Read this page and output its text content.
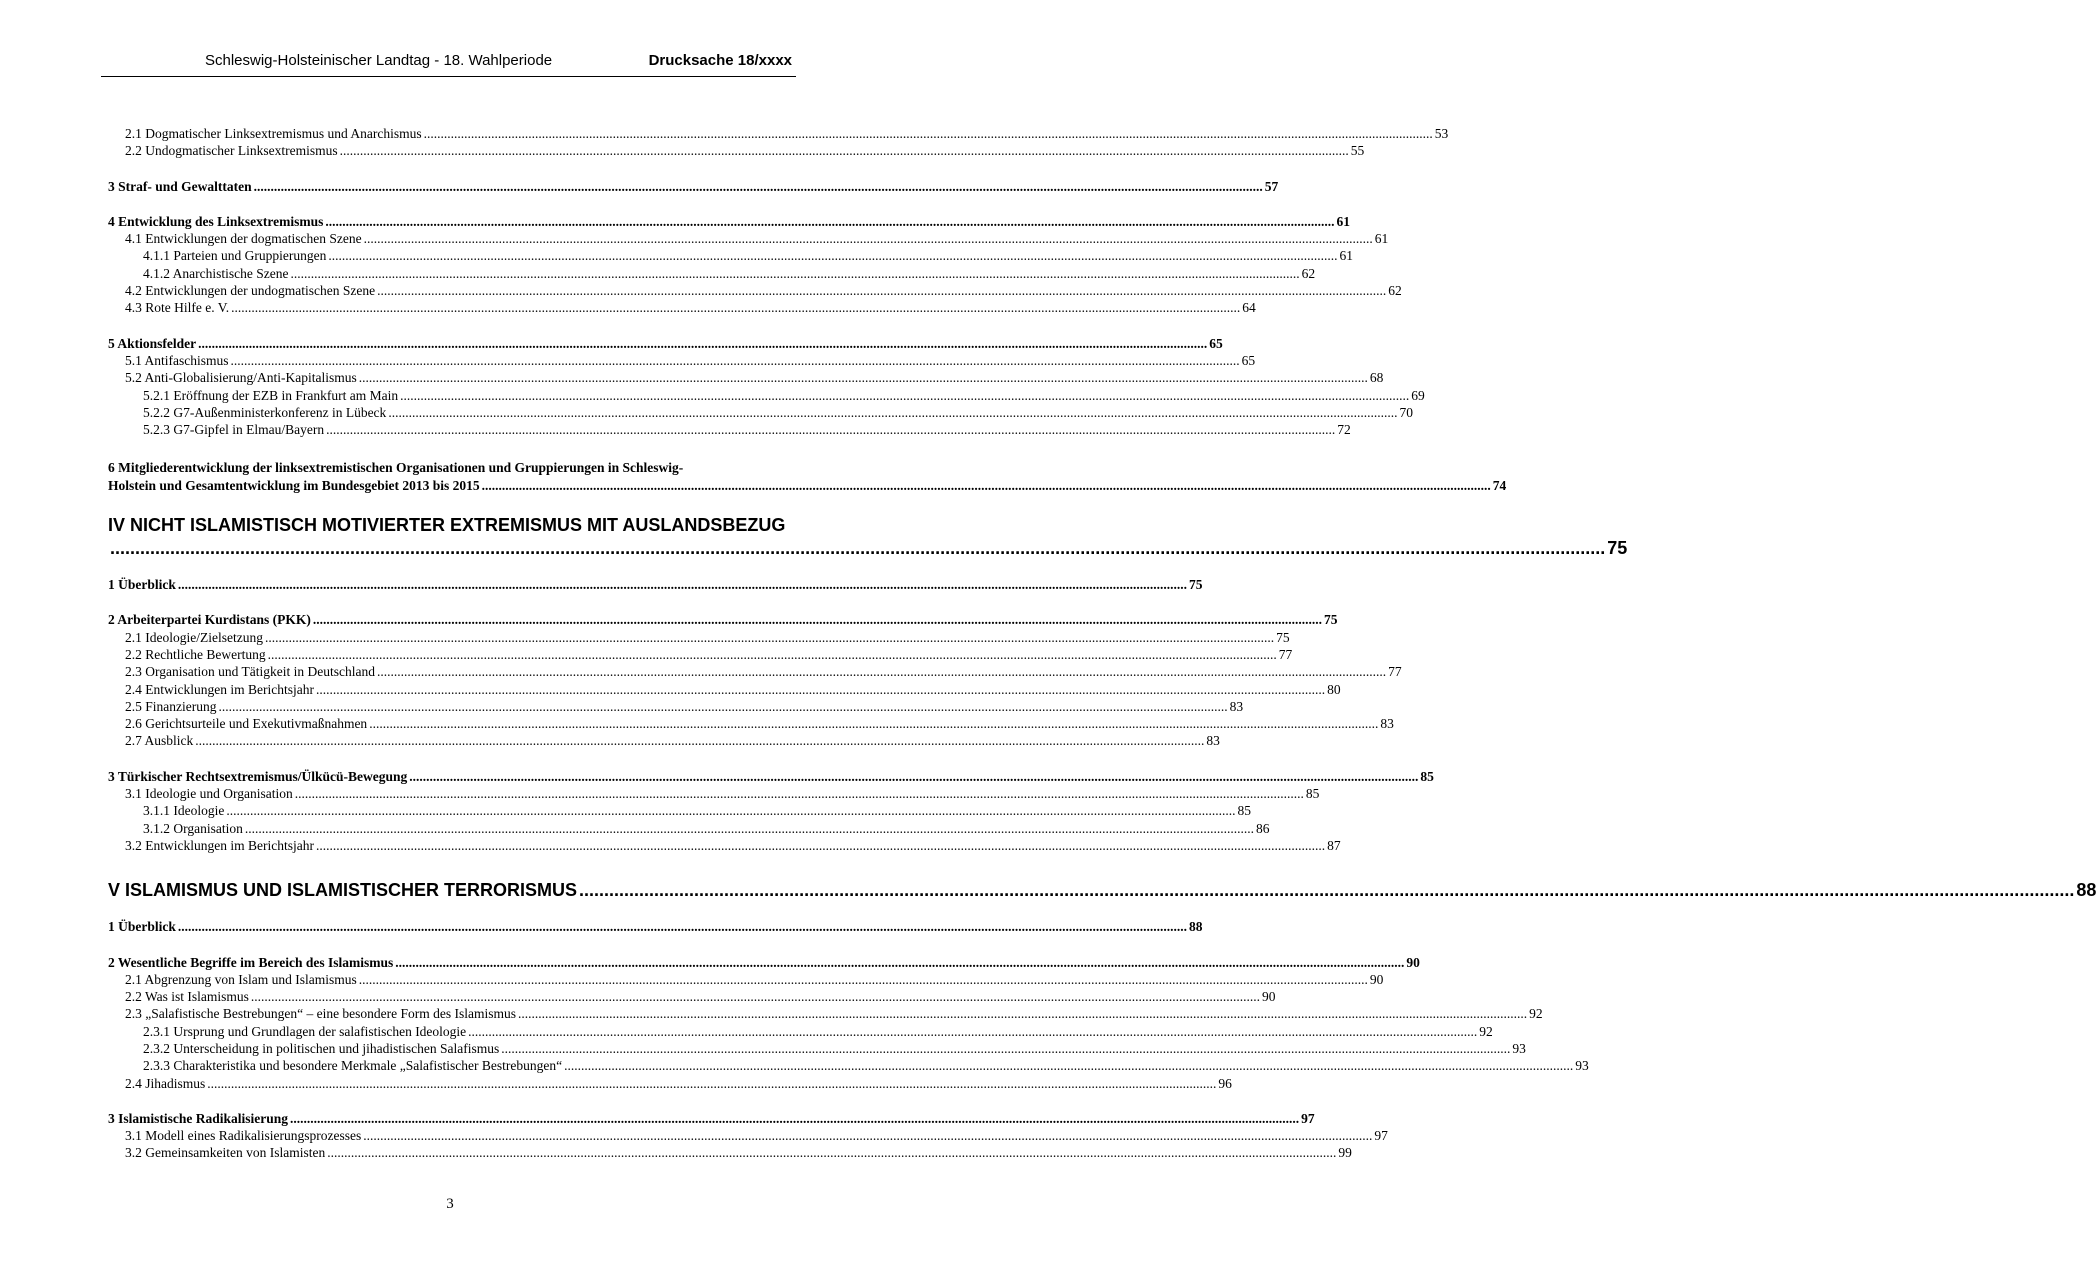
Schleswig-Holsteinischer Landtag - 18. Wahlperiode	Drucksache 18/xxxx
2.1 Dogmatischer Linksextremismus und Anarchismus ........................................................................................................................................................................................................................................................................................................... 53
2.2 Undogmatischer Linksextremismus ........................................................................................................................................................................................................................................................................................................... 55
3 Straf- und Gewalttaten ........................................................................................................................................................................................................................................................................................................... 57
4 Entwicklung des Linksextremismus ........................................................................................................................................................................................................................................................................................................... 61
4.1 Entwicklungen der dogmatischen Szene ........................................................................................................................................................................................................................................................................................................... 61
4.1.1 Parteien und Gruppierungen ........................................................................................................................................................................................................................................................................................................... 61
4.1.2 Anarchistische Szene ........................................................................................................................................................................................................................................................................................................... 62
4.2 Entwicklungen der undogmatischen Szene ........................................................................................................................................................................................................................................................................................................... 62
4.3 Rote Hilfe e. V. ........................................................................................................................................................................................................................................................................................................... 64
5 Aktionsfelder ........................................................................................................................................................................................................................................................................................................... 65
5.1 Antifaschismus ........................................................................................................................................................................................................................................................................................................... 65
5.2 Anti-Globalisierung/Anti-Kapitalismus ........................................................................................................................................................................................................................................................................................................... 68
5.2.1 Eröffnung der EZB in Frankfurt am Main ........................................................................................................................................................................................................................................................................................................... 69
5.2.2 G7-Außenministerkonferenz in Lübeck ........................................................................................................................................................................................................................................................................................................... 70
5.2.3 G7-Gipfel in Elmau/Bayern ........................................................................................................................................................................................................................................................................................................... 72
6 Mitgliederentwicklung der linksextremistischen Organisationen und Gruppierungen in Schleswig-
Holstein und Gesamtentwicklung im Bundesgebiet 2013 bis 2015 ........................................................................................................................................................................................................................................................................................................... 74
IV NICHT ISLAMISTISCH MOTIVIERTER EXTREMISMUS MIT AUSLANDSBEZUG
........................................................................................................................................................................................................................................................................................................... 75
1 Überblick ........................................................................................................................................................................................................................................................................................................... 75
2 Arbeiterpartei Kurdistans (PKK) ........................................................................................................................................................................................................................................................................................................... 75
2.1 Ideologie/Zielsetzung ........................................................................................................................................................................................................................................................................................................... 75
2.2 Rechtliche Bewertung ........................................................................................................................................................................................................................................................................................................... 77
2.3 Organisation und Tätigkeit in Deutschland ........................................................................................................................................................................................................................................................................................................... 77
2.4 Entwicklungen im Berichtsjahr ........................................................................................................................................................................................................................................................................................................... 80
2.5 Finanzierung ........................................................................................................................................................................................................................................................................................................... 83
2.6 Gerichtsurteile und Exekutivmaßnahmen ........................................................................................................................................................................................................................................................................................................... 83
2.7 Ausblick ........................................................................................................................................................................................................................................................................................................... 83
3 Türkischer Rechtsextremismus/Ülkücü-Bewegung ........................................................................................................................................................................................................................................................................................................... 85
3.1 Ideologie und Organisation ........................................................................................................................................................................................................................................................................................................... 85
3.1.1 Ideologie ........................................................................................................................................................................................................................................................................................................... 85
3.1.2 Organisation ........................................................................................................................................................................................................................................................................................................... 86
3.2 Entwicklungen im Berichtsjahr ........................................................................................................................................................................................................................................................................................................... 87
V ISLAMISMUS UND ISLAMISTISCHER TERRORISMUS ........................................................................................................................................................................................................................................................................................................... 88
1 Überblick ........................................................................................................................................................................................................................................................................................................... 88
2 Wesentliche Begriffe im Bereich des Islamismus ........................................................................................................................................................................................................................................................................................................... 90
2.1 Abgrenzung von Islam und Islamismus ........................................................................................................................................................................................................................................................................................................... 90
2.2 Was ist Islamismus ........................................................................................................................................................................................................................................................................................................... 90
2.3 „Salafistische Bestrebungen“ – eine besondere Form des Islamismus ........................................................................................................................................................................................................................................................................................................... 92
2.3.1 Ursprung und Grundlagen der salafistischen Ideologie ........................................................................................................................................................................................................................................................................................................... 92
2.3.2 Unterscheidung in politischen und jihadistischen Salafismus ........................................................................................................................................................................................................................................................................................................... 93
2.3.3 Charakteristika und besondere Merkmale „Salafistischer Bestrebungen“ ........................................................................................................................................................................................................................................................................................................... 93
2.4 Jihadismus ........................................................................................................................................................................................................................................................................................................... 96
3 Islamistische Radikalisierung ........................................................................................................................................................................................................................................................................................................... 97
3.1 Modell eines Radikalisierungsprozesses ........................................................................................................................................................................................................................................................................................................... 97
3.2 Gemeinsamkeiten von Islamisten ........................................................................................................................................................................................................................................................................................................... 99
3
